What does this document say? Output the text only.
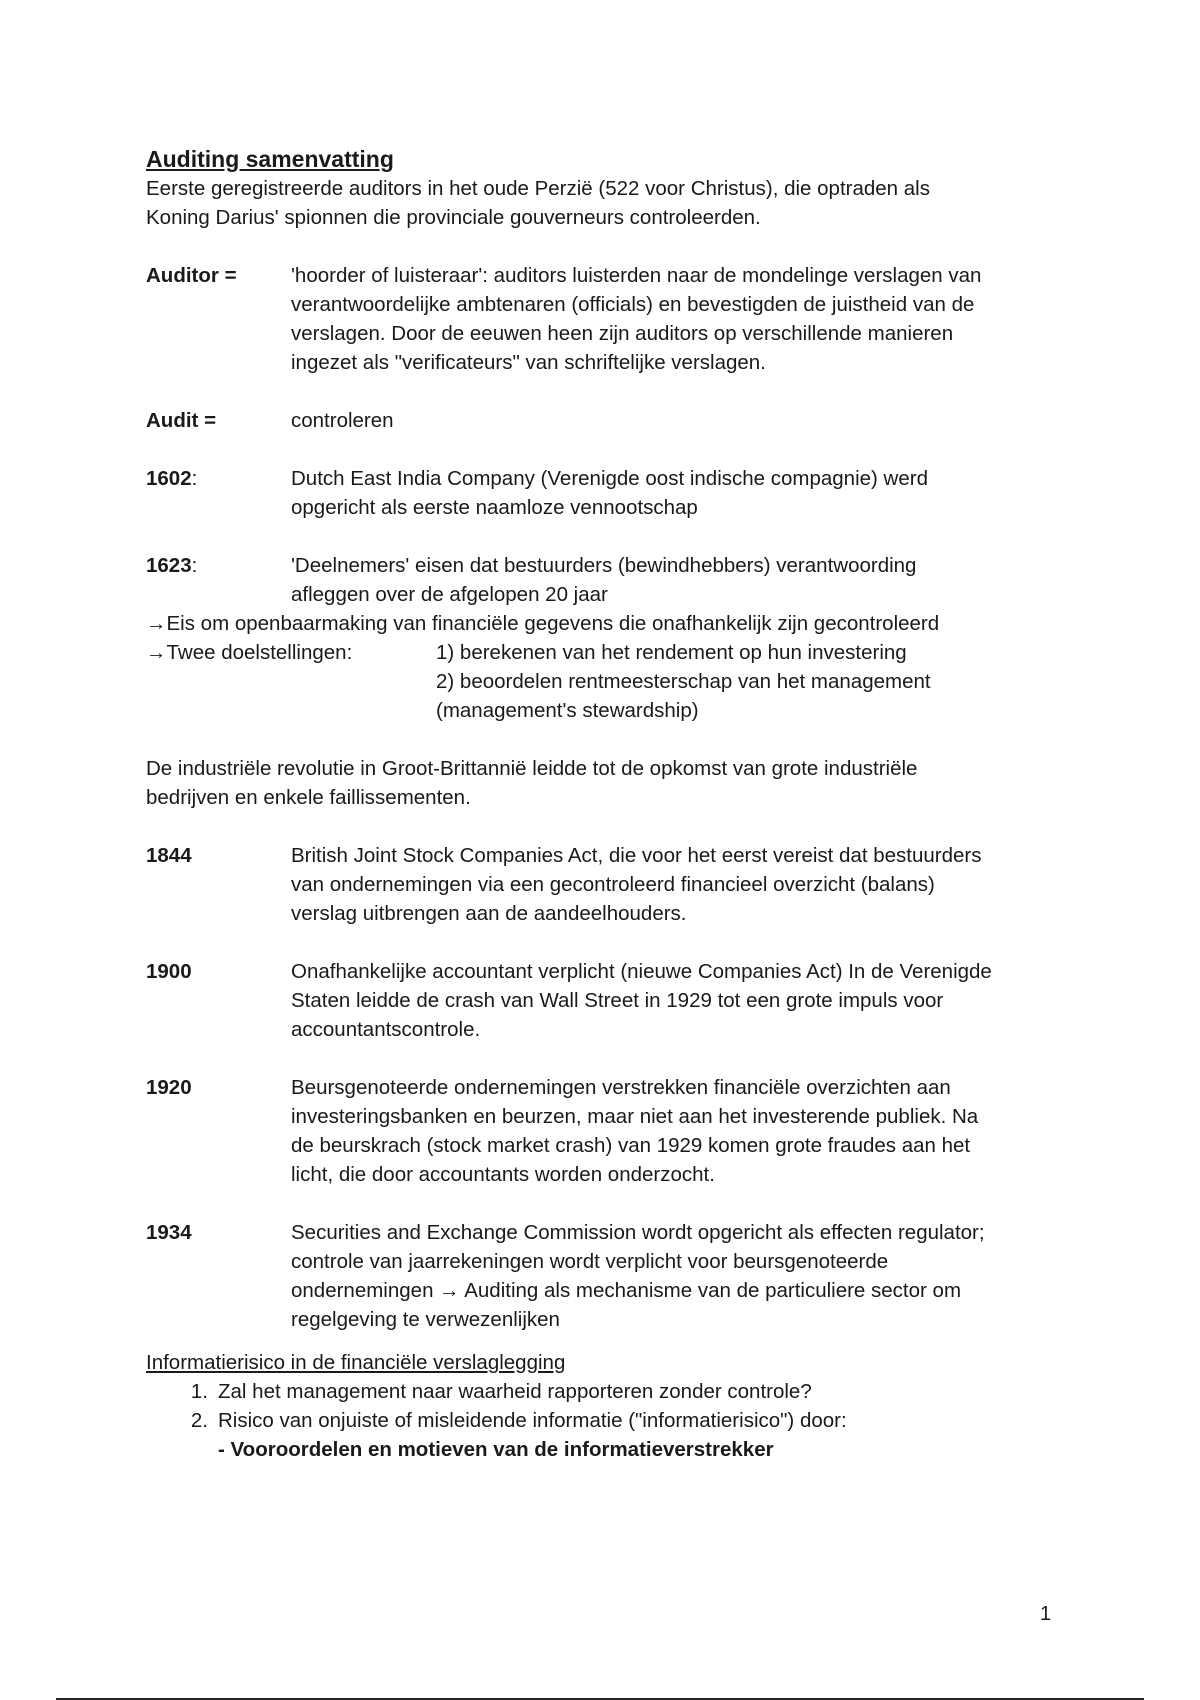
Auditing samenvatting

Eerste geregistreerde auditors in het oude Perzië (522 voor Christus), die optraden als

Koning Darius' spionnen die provinciale gouverneurs controleerden.

Auditor =	'hoorder of luisteraar': auditors luisterden naar de mondelinge verslagen van
verantwoordelijke ambtenaren (officials) en bevestigden de juistheid van de
verslagen. Door de eeuwen heen zijn auditors op verschillende manieren
ingezet als "verificateurs" van schriftelijke verslagen.
Audit =	controleren
1602:	Dutch East India Company (Verenigde oost indische compagnie) werd
opgericht als eerste naamloze vennootschap
1623:	'Deelnemers' eisen dat bestuurders (bewindhebbers) verantwoording
afleggen over de afgelopen 20 jaar

→Eis om openbaarmaking van financiële gegevens die onafhankelijk zijn gecontroleerd

→Twee doelstellingen:	1) berekenen van het rendement op hun investering
2) beoordelen rentmeesterschap van het management
(management's stewardship)

De industriële revolutie in Groot-Brittannië leidde tot de opkomst van grote industriële

bedrijven en enkele faillissementen.

1844	British Joint Stock Companies Act, die voor het eerst vereist dat bestuurders
van ondernemingen via een gecontroleerd financieel overzicht (balans)
verslag uitbrengen aan de aandeelhouders.
1900	Onafhankelijke accountant verplicht (nieuwe Companies Act) In de Verenigde
Staten leidde de crash van Wall Street in 1929 tot een grote impuls voor
accountantscontrole.
1920	Beursgenoteerde ondernemingen verstrekken financiële overzichten aan
investeringsbanken en beurzen, maar niet aan het investerende publiek. Na
de beurskrach (stock market crash) van 1929 komen grote fraudes aan het
licht, die door accountants worden onderzocht.
1934	Securities and Exchange Commission wordt opgericht als effecten regulator;
controle van jaarrekeningen wordt verplicht voor beursgenoteerde
ondernemingen → Auditing als mechanisme van de particuliere sector om
regelgeving te verwezenlijken

Informatierisico in de financiële verslaglegging

1. Zal het management naar waarheid rapporteren zonder controle?
2. Risico van onjuiste of misleidende informatie ("informatierisico") door:

- Vooroordelen en motieven van de informatieverstrekker

1
